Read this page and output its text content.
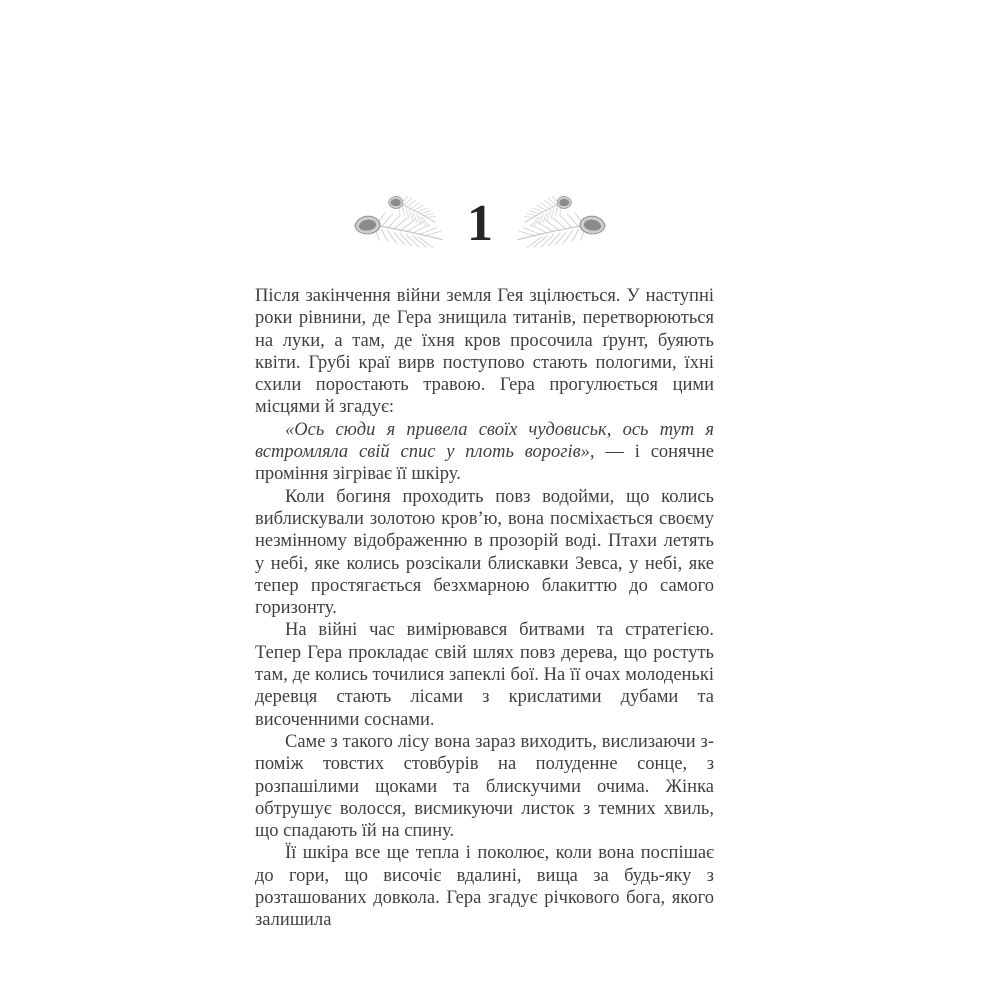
1

Після закінчення війни земля Гея зцілюється. У наступні роки рівнини, де Гера знищила титанів, перетворюються на луки, а там, де їхня кров просочила ґрунт, буяють квіти. Грубі краї вирв поступово стають пологими, їхні схили поростають травою. Гера прогулюється цими місцями й згадує:

«Ось сюди я привела своїх чудовиськ, ось тут я встромляла свій спис у плоть ворогів», — і сонячне проміння зігріває її шкіру.

Коли богиня проходить повз водойми, що колись виблискували золотою кров’ю, вона посміхається своєму незмінному відображенню в прозорій воді. Птахи летять у небі, яке колись розсікали блискавки Зевса, у небі, яке тепер простягається безхмарною блакиттю до самого горизонту.

На війні час вимірювався битвами та стратегією. Тепер Гера прокладає свій шлях повз дерева, що ростуть там, де колись точилися запеклі бої. На її очах молоденькі деревця стають лісами з крислатими дубами та височенними соснами.

Саме з такого лісу вона зараз виходить, вислизаючи з-поміж товстих стовбурів на полуденне сонце, з розпашілими щоками та блискучими очима. Жінка обтрушує волосся, висмикуючи листок з темних хвиль, що спадають їй на спину.

Її шкіра все ще тепла і поколює, коли вона поспішає до гори, що височіє вдалині, вища за будь-яку з розташованих довкола. Гера згадує річкового бога, якого залишила
